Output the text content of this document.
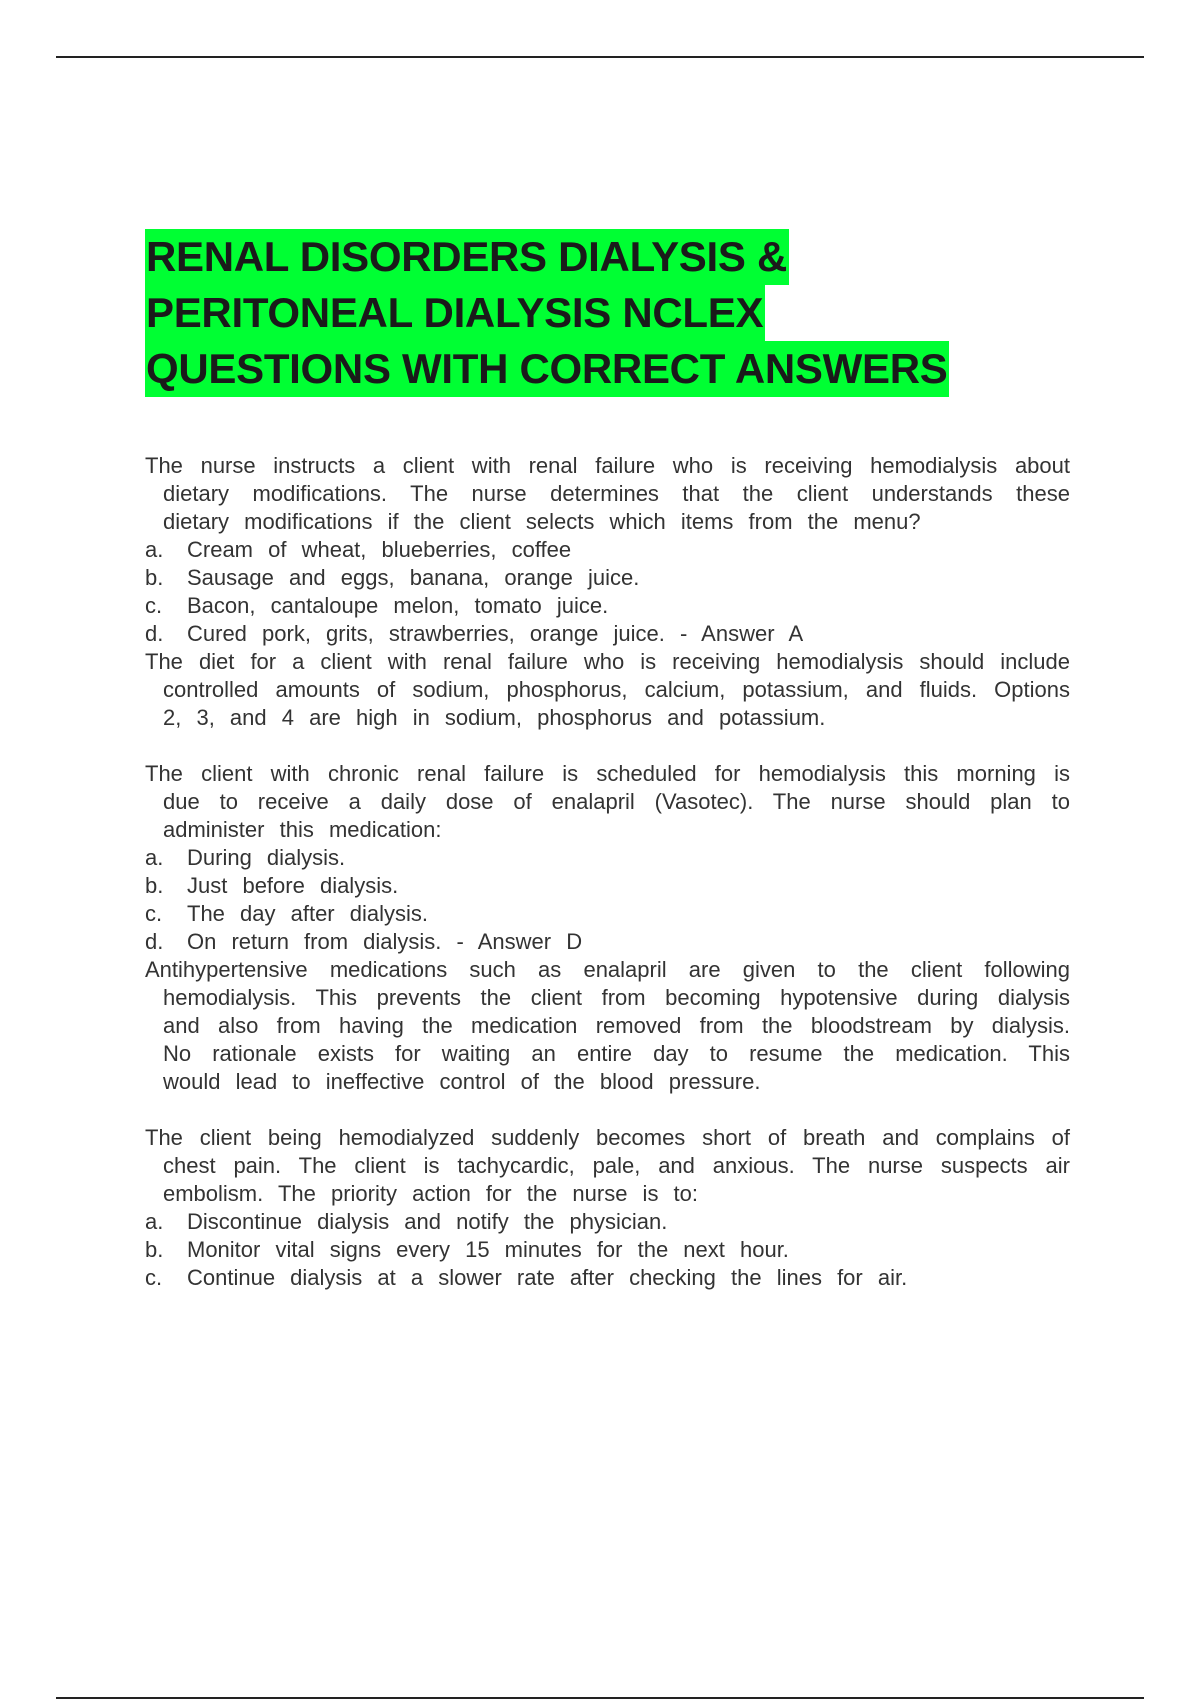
RENAL DISORDERS DIALYSIS &
PERITONEAL DIALYSIS NCLEX
QUESTIONS WITH CORRECT ANSWERS

The nurse instructs a client with renal failure who is receiving hemodialysis about dietary modifications. The nurse determines that the client understands these dietary modifications if the client selects which items from the menu?

a. Cream of wheat, blueberries, coffee

b. Sausage and eggs, banana, orange juice.

c. Bacon, cantaloupe melon, tomato juice.

d. Cured pork, grits, strawberries, orange juice. - Answer A

The diet for a client with renal failure who is receiving hemodialysis should include controlled amounts of sodium, phosphorus, calcium, potassium, and fluids. Options 2, 3, and 4 are high in sodium, phosphorus and potassium.

The client with chronic renal failure is scheduled for hemodialysis this morning is due to receive a daily dose of enalapril (Vasotec). The nurse should plan to administer this medication:

a. During dialysis.

b. Just before dialysis.

c. The day after dialysis.

d. On return from dialysis. - Answer D

Antihypertensive medications such as enalapril are given to the client following hemodialysis. This prevents the client from becoming hypotensive during dialysis and also from having the medication removed from the bloodstream by dialysis. No rationale exists for waiting an entire day to resume the medication. This would lead to ineffective control of the blood pressure.

The client being hemodialyzed suddenly becomes short of breath and complains of chest pain. The client is tachycardic, pale, and anxious. The nurse suspects air embolism. The priority action for the nurse is to:

a. Discontinue dialysis and notify the physician.

b. Monitor vital signs every 15 minutes for the next hour.

c. Continue dialysis at a slower rate after checking the lines for air.
